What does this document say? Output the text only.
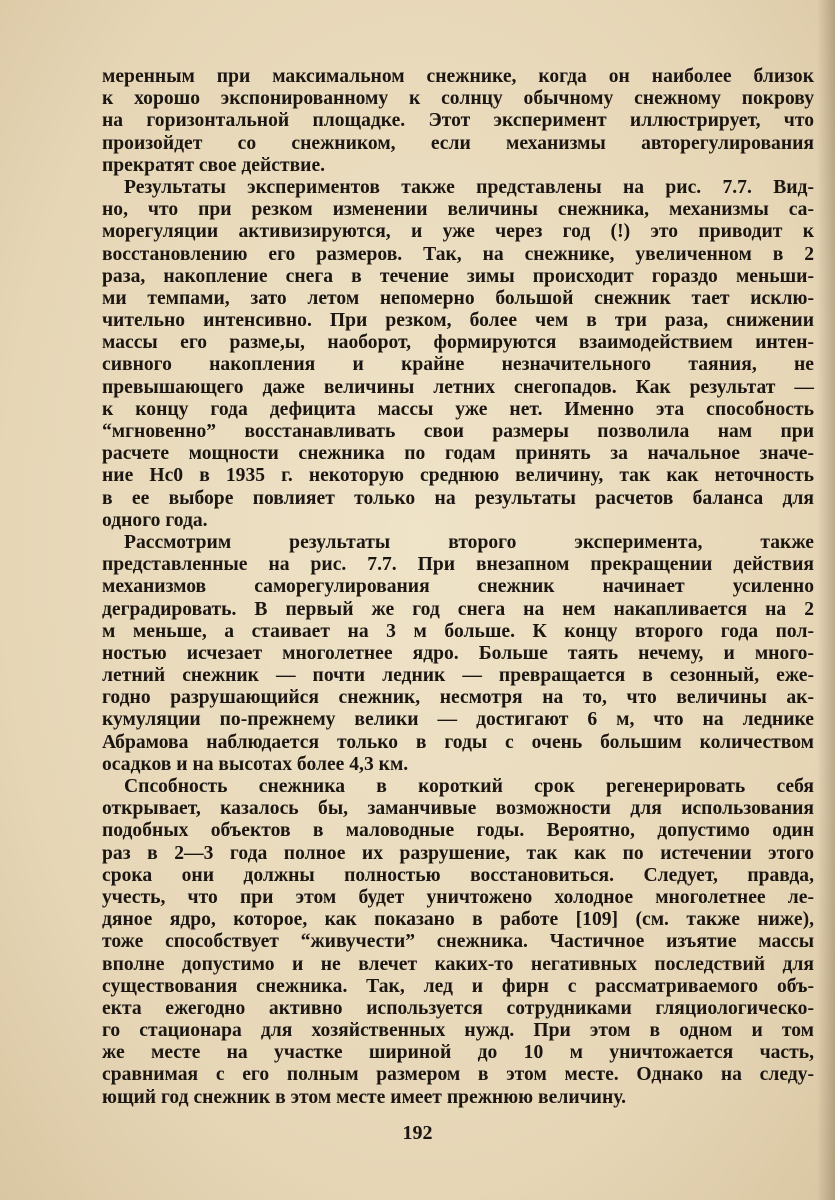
меренным при максимальном снежнике, когда он наиболее близок
к хорошо экспонированному к солнцу обычному снежному покрову
на горизонтальной площадке. Этот эксперимент иллюстрирует, что
произойдет со снежником, если механизмы авторегулирования
прекратят свое действие.
Результаты экспериментов также представлены на рис. 7.7. Вид-
но, что при резком изменении величины снежника, механизмы са-
морегуляции активизируются, и уже через год (!) это приводит к
восстановлению его размеров. Так, на снежнике, увеличенном в 2
раза, накопление снега в течение зимы происходит гораздо меньши-
ми темпами, зато летом непомерно большой снежник тает исклю-
чительно интенсивно. При резком, более чем в три раза, снижении
массы его разме,ы, наоборот, формируются взаимодействием интен-
сивного накопления и крайне незначительного таяния, не
превышающего даже величины летних снегопадов. Как результат —
к концу года дефицита массы уже нет. Именно эта способность
“мгновенно” восстанавливать свои размеры позволила нам при
расчете мощности снежника по годам принять за начальное значе-
ние Hс0 в 1935 г. некоторую среднюю величину, так как неточность
в ее выборе повлияет только на результаты расчетов баланса для
одного года.
Рассмотрим результаты второго эксперимента, также
представленные на рис. 7.7. При внезапном прекращении действия
механизмов саморегулирования снежник начинает усиленно
деградировать. В первый же год снега на нем накапливается на 2
м меньше, а стаивает на 3 м больше. К концу второго года пол-
ностью исчезает многолетнее ядро. Больше таять нечему, и много-
летний снежник — почти ледник — превращается в сезонный, еже-
годно разрушающийся снежник, несмотря на то, что величины ак-
кумуляции по-прежнему велики — достигают 6 м, что на леднике
Абрамова наблюдается только в годы с очень большим количеством
осадков и на высотах более 4,3 км.
Спсобность снежника в короткий срок регенерировать себя
открывает, казалось бы, заманчивые возможности для использования
подобных объектов в маловодные годы. Вероятно, допустимо один
раз в 2—3 года полное их разрушение, так как по истечении этого
срока они должны полностью восстановиться. Следует, правда,
учесть, что при этом будет уничтожено холодное многолетнее ле-
дяное ядро, которое, как показано в работе [109] (см. также ниже),
тоже способствует “живучести” снежника. Частичное изъятие массы
вполне допустимо и не влечет каких-то негативных последствий для
существования снежника. Так, лед и фирн с рассматриваемого объ-
екта ежегодно активно используется сотрудниками гляциологическо-
го стационара для хозяйственных нужд. При этом в одном и том
же месте на участке шириной до 10 м уничтожается часть,
сравнимая с его полным размером в этом месте. Однако на следу-
ющий год снежник в этом месте имеет прежнюю величину.
192
